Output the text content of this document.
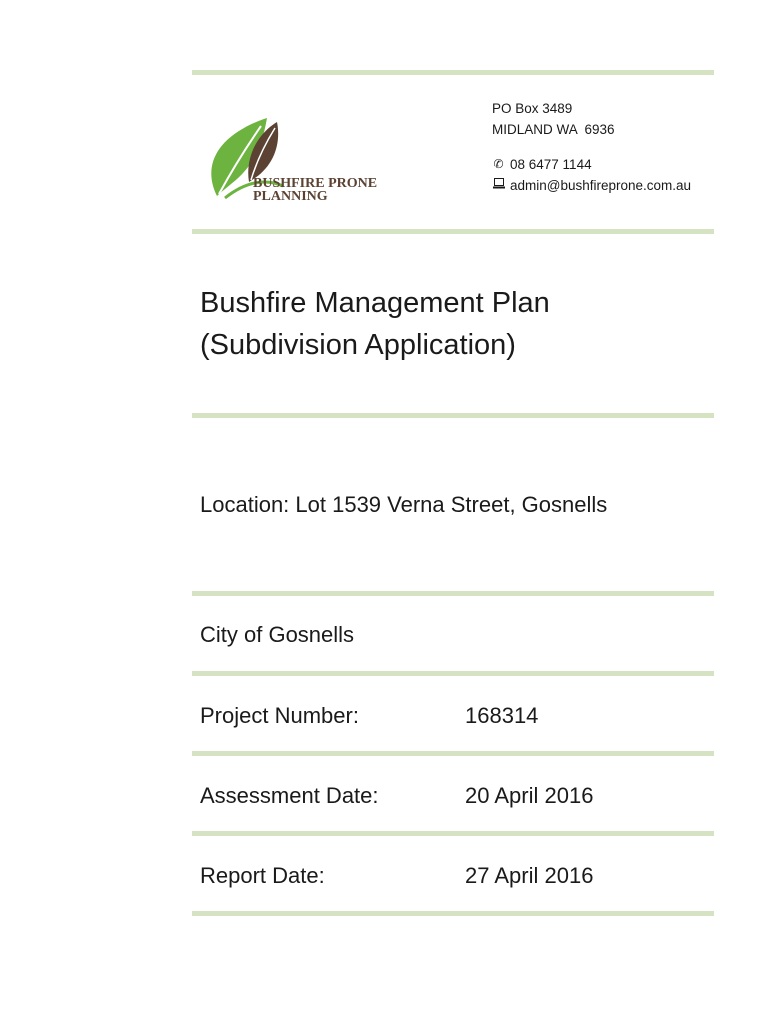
BUSHFIRE PRONE
PLANNING
PO Box 3489
MIDLAND WA  6936
✆ 08 6477 1144
admin@bushfireprone.com.au
Bushfire Management Plan
(Subdivision Application)
Location: Lot 1539 Verna Street, Gosnells
City of Gosnells
Project Number:	168314
Assessment Date:	20 April 2016
Report Date:	27 April 2016
